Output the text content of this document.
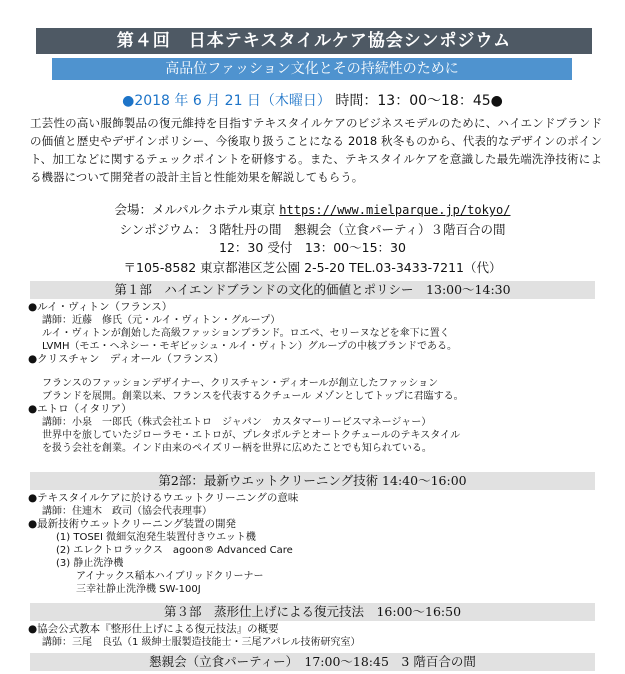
第４回　日本テキスタイルケア協会シンポジウム
高品位ファッション文化とその持続性のために
●2018 年 6 月 21 日（木曜日） 時間：13：00～18：45●
工芸性の高い服飾製品の復元維持を目指すテキスタイルケアのビジネスモデルのために、ハイエンドブランドの価値と歴史やデザインポリシー、今後取り扱うことになる 2018 秋冬ものから、代表的なデザインのポイント、加工などに関するテェックポイントを研修する。また、テキスタイルケアを意識した最先端洗浄技術による機器について開発者の設計主旨と性能効果を解説してもらう。
会場：メルパルクホテル東京 https://www.mielparque.jp/tokyo/
シンポジウム：３階牡丹の間　懇親会（立食パーティ）３階百合の間
12：30 受付　13：00～15：30
〒105-8582 東京都港区芝公園 2-5-20 TEL.03-3433-7211（代）
第１部　ハイエンドブランドの文化的価値とポリシー　13:00～14:30
●ルイ・ヴィトン（フランス）
講師：近藤　修氏（元・ルイ・ヴィトン・グループ）
ルイ・ヴィトンが創始した高級ファッションブランド。ロエベ、セリーヌなどを傘下に置く
LVMH（モエ・ヘネシー・モギビッシュ・ルイ・ヴィトン）グループの中核ブランドである。
●クリスチャン　ディオール（フランス）
フランスのファッションデザイナー、クリスチャン・ディオールが創立したファッション
ブランドを展開。創業以来、フランスを代表するクチュール メゾンとしてトップに君臨する。
●エトロ（イタリア）
講師：小泉　一郎氏（株式会社エトロ　ジャパン　カスタマーリービスマネージャー）
世界中を旅していたジローラモ・エトロが、プレタポルテとオートクチュールのテキスタイル
を扱う会社を創業。インド由来のペイズリー柄を世界に広めたことでも知られている。
第2部：最新ウエットクリーニング技術 14:40～16:00
●テキスタイルケアに於けるウエットクリーニングの意味
講師：住連木　政司（協会代表理事）
●最新技術ウエットクリーニング装置の開発
(1) TOSEI 微細気泡発生装置付きウエット機
(2) エレクトロラックス　agoon® Advanced Care
(3) 静止洗浄機
アイナックス稲本ハイブリッドクリーナー
三幸社静止洗浄機 SW-100J
第３部　蒸形仕上げによる復元技法　16:00～16:50
●協会公式教本『整形仕上げによる復元技法』の概要
講師：三尾　良弘（1 級紳士服製造技能士・三尾アパレル技術研究室）
懇親会（立食パーティー）　17:00～18:45　3 階百合の間
